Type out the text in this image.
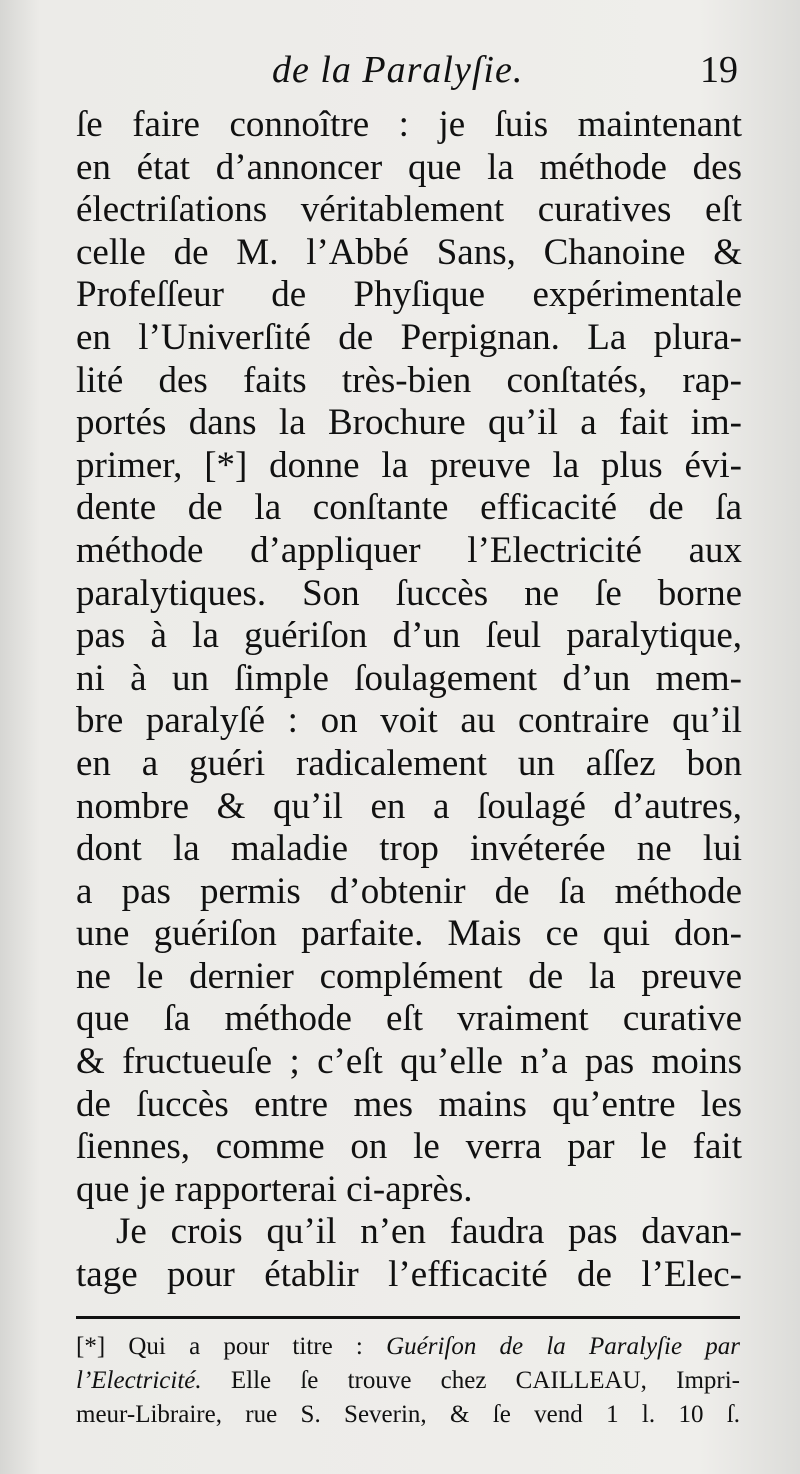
de la Paralyſie.	19
ſe faire connoître : je ſuis maintenant
en état d’annoncer que la méthode des
électriſations véritablement curatives eſt
celle de M. l’Abbé Sans, Chanoine &
Profeſſeur de Phyſique expérimentale
en l’Univerſité de Perpignan. La plura-
lité des faits très-bien conſtatés, rap-
portés dans la Brochure qu’il a fait im-
primer, [*] donne la preuve la plus évi-
dente de la conſtante efficacité de ſa
méthode d’appliquer l’Electricité aux
paralytiques. Son ſuccès ne ſe borne
pas à la guériſon d’un ſeul paralytique,
ni à un ſimple ſoulagement d’un mem-
bre paralyſé : on voit au contraire qu’il
en a guéri radicalement un aſſez bon
nombre & qu’il en a ſoulagé d’autres,
dont la maladie trop invéterée ne lui
a pas permis d’obtenir de ſa méthode
une guériſon parfaite. Mais ce qui don-
ne le dernier complément de la preuve
que ſa méthode eſt vraiment curative
& fructueuſe ; c’eſt qu’elle n’a pas moins
de ſuccès entre mes mains qu’entre les
ſiennes, comme on le verra par le fait
que je rapporterai ci-après.
Je crois qu’il n’en faudra pas davan-
tage pour établir l’efficacité de l’Elec-
[*] Qui a pour titre : Guériſon de la Paralyſie par
l’Electricité. Elle ſe trouve chez CAILLEAU, Impri-
meur-Libraire, rue S. Severin, & ſe vend 1 l. 10 ſ.
